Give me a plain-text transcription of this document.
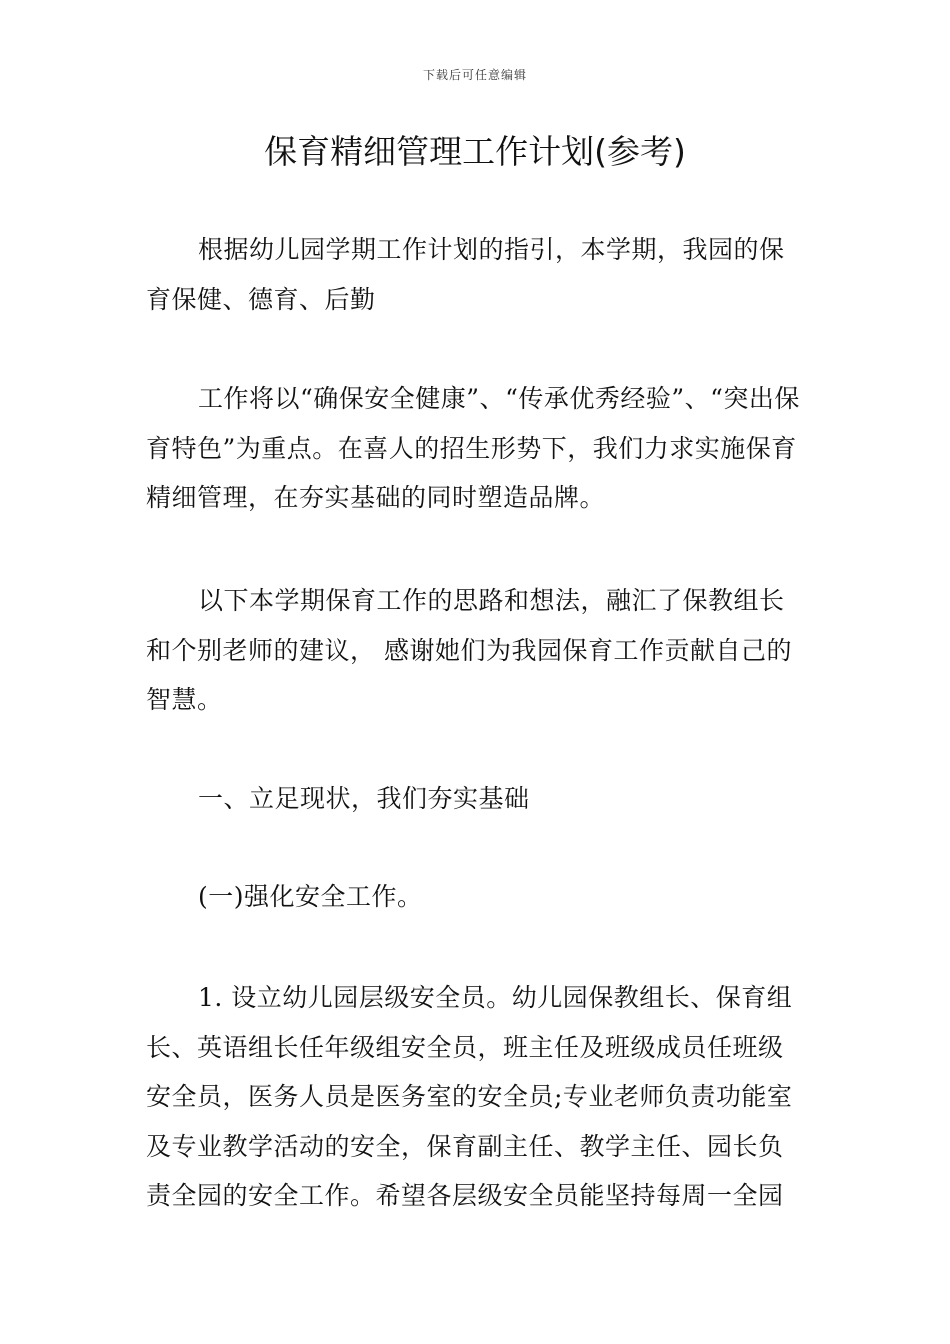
下载后可任意编辑
保育精细管理工作计划(参考)

根据幼儿园学期工作计划的指引，本学期，我园的保育保健、德育、后勤

工作将以“确保安全健康”、“传承优秀经验”、“突出保育特色”为重点。在喜人的招生形势下，我们力求实施保育精细管理，在夯实基础的同时塑造品牌。

以下本学期保育工作的思路和想法，融汇了保教组长和个别老师的建议， 感谢她们为我园保育工作贡献自己的智慧。

一、立足现状，我们夯实基础

(一)强化安全工作。

1. 设立幼儿园层级安全员。幼儿园保教组长、保育组长、英语组长任年级组安全员，班主任及班级成员任班级安全员，医务人员是医务室的安全员;专业老师负责功能室及专业教学活动的安全，保育副主任、教学主任、园长负责全园的安全工作。希望各层级安全员能坚持每周一全园
